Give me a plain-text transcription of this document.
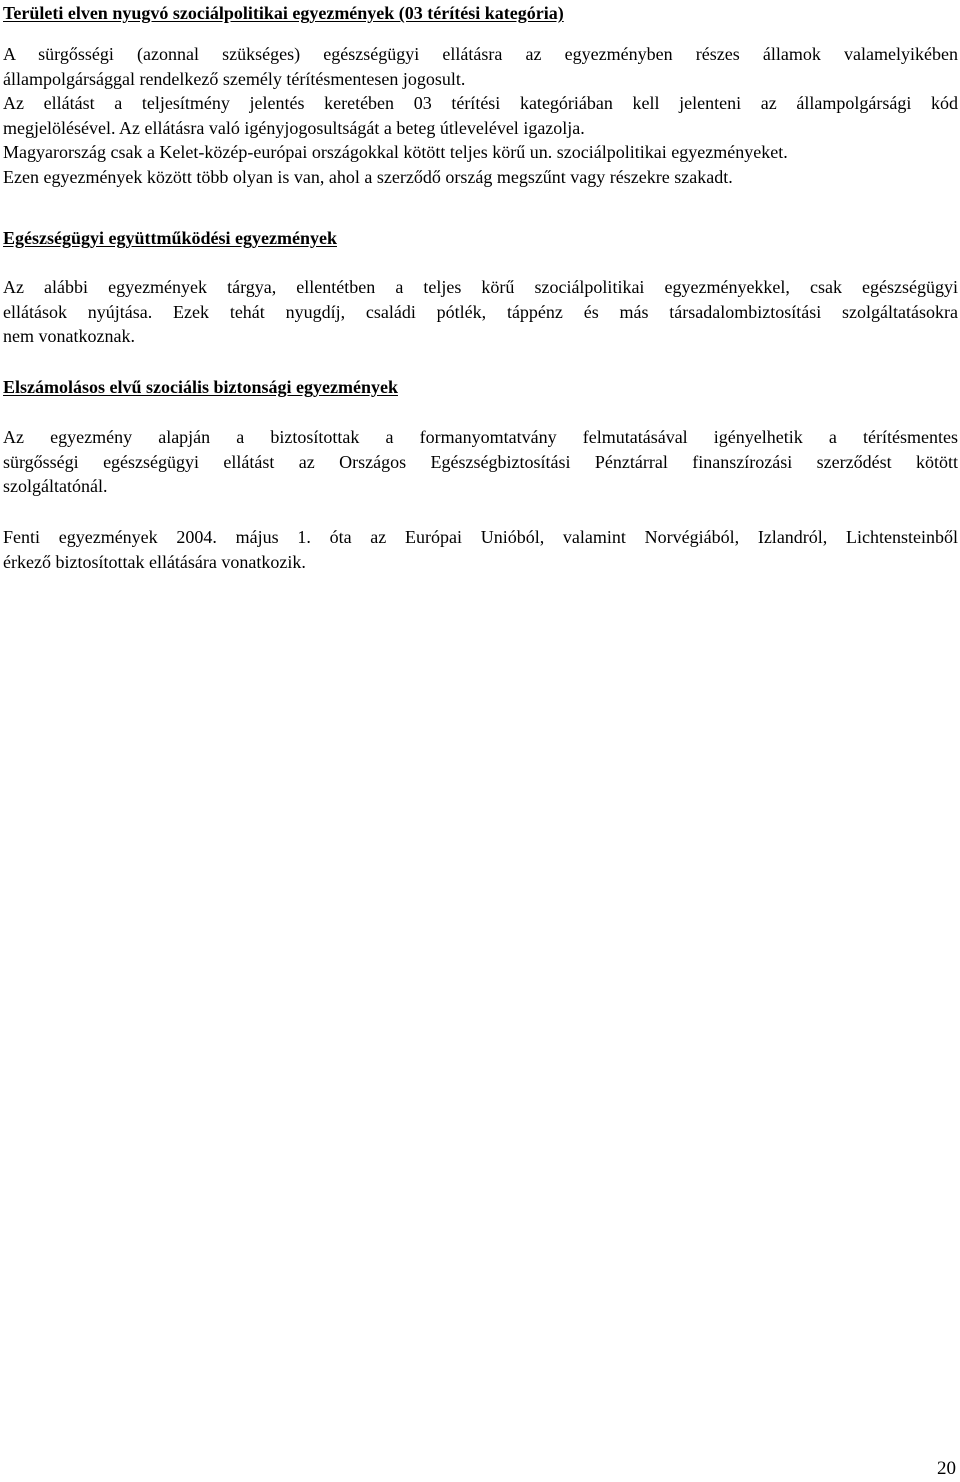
Területi elven nyugvó szociálpolitikai egyezmények (03 térítési kategória)

A sürgősségi (azonnal szükséges) egészségügyi ellátásra az egyezményben részes államok valamelyikében
állampolgársággal rendelkező személy térítésmentesen jogosult.
Az ellátást a teljesítmény jelentés keretében 03 térítési kategóriában kell jelenteni az állampolgársági kód
megjelölésével. Az ellátásra való igényjogosultságát a beteg útlevelével igazolja.
Magyarország csak a Kelet-közép-európai országokkal kötött teljes körű un. szociálpolitikai egyezményeket.
Ezen egyezmények között több olyan is van, ahol a szerződő ország megszűnt vagy részekre szakadt.

Egészségügyi együttműködési egyezmények

Az alábbi egyezmények tárgya, ellentétben a teljes körű szociálpolitikai egyezményekkel, csak egészségügyi
ellátások nyújtása. Ezek tehát nyugdíj, családi pótlék, táppénz és más társadalombiztosítási szolgáltatásokra
nem vonatkoznak.

Elszámolásos elvű szociális biztonsági egyezmények

Az egyezmény alapján a biztosítottak a formanyomtatvány felmutatásával igényelhetik a térítésmentes
sürgősségi egészségügyi ellátást az Országos Egészségbiztosítási Pénztárral finanszírozási szerződést kötött
szolgáltatónál.

Fenti egyezmények 2004. május 1. óta az Európai Unióból, valamint Norvégiából, Izlandról, Lichtensteinből
érkező biztosítottak ellátására vonatkozik.

20
